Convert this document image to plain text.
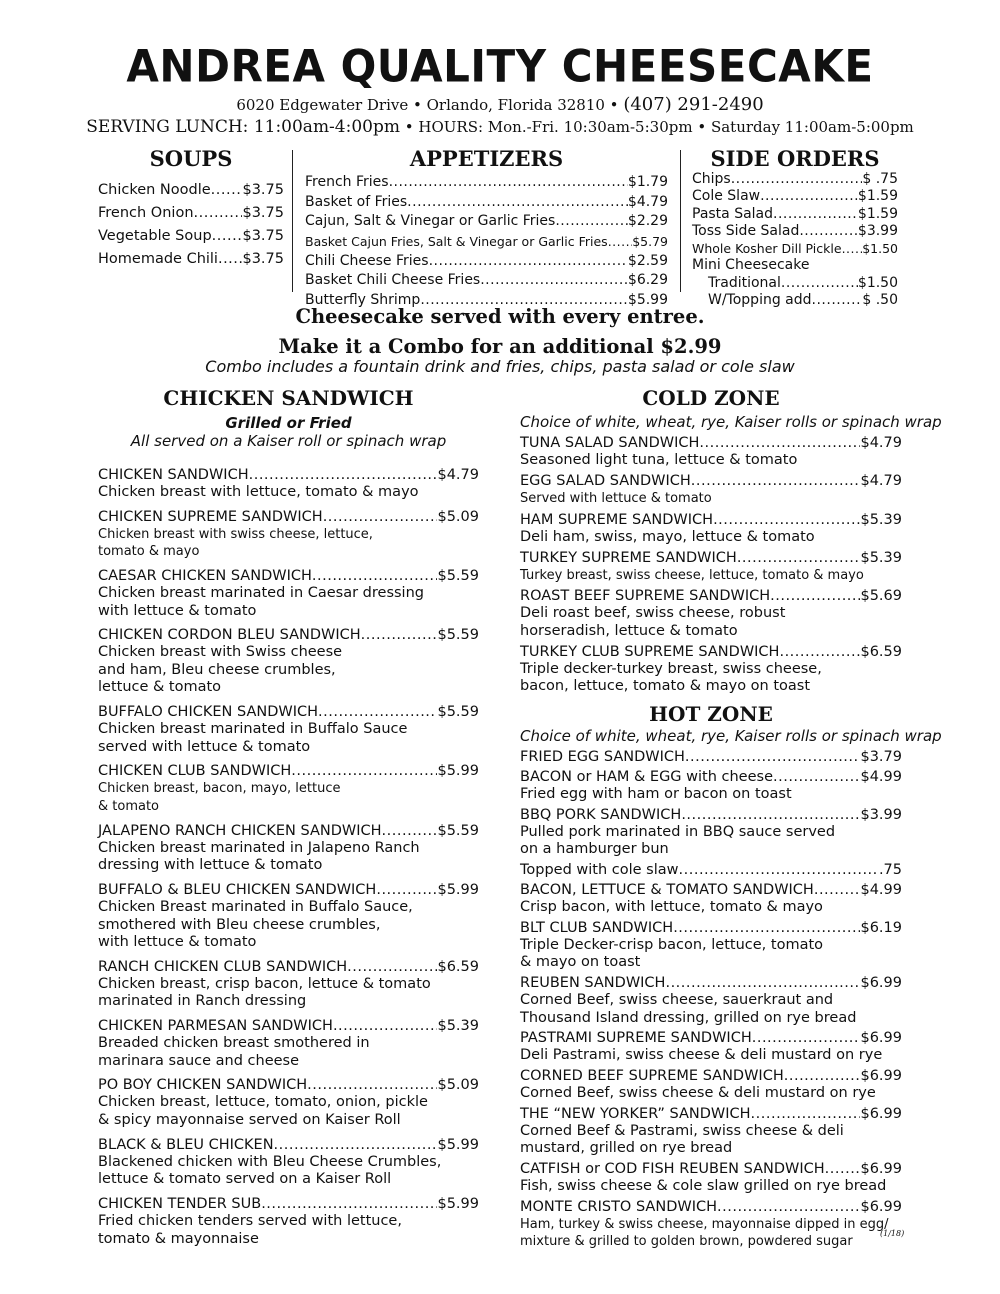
ANDREA QUALITY CHEESECAKE
6020 Edgewater Drive • Orlando, Florida 32810 • (407) 291-2490
SERVING LUNCH: 11:00am-4:00pm • HOURS: Mon.-Fri. 10:30am-5:30pm • Saturday 11:00am-5:00pm
SOUPS
Chicken Noodle ..... $3.75
French Onion .....	$3.75
Vegetable Soup ..... $3.75
Homemade Chili ..... $3.75
APPETIZERS
French Fries .....	$1.79
Basket of Fries .....	$4.79
Cajun, Salt & Vinegar or Garlic Fries .....	$2.29
Basket Cajun Fries, Salt & Vinegar or Garlic Fries ..... $5.79
Chili Cheese Fries .....	$2.59
Basket Chili Cheese Fries .....	$6.29
Butterfly Shrimp .....	$5.99
SIDE ORDERS
Chips .....	$ .75
Cole Slaw .....	$1.59
Pasta Salad .....	$1.59
Toss Side Salad .....	$3.99
Whole Kosher Dill Pickle ..... $1.50
Mini Cheesecake
Traditional .....	$1.50
W/Topping add .....	$ .50
Cheesecake served with every entree.
Make it a Combo for an additional $2.99
Combo includes a fountain drink and fries, chips, pasta salad or cole slaw
CHICKEN SANDWICH
Grilled or Fried
All served on a Kaiser roll or spinach wrap
CHICKEN SANDWICH .....	$4.79
Chicken breast with lettuce, tomato & mayo
CHICKEN SUPREME SANDWICH .....	$5.09
Chicken breast with swiss cheese, lettuce,
tomato & mayo
CAESAR CHICKEN SANDWICH .....	$5.59
Chicken breast marinated in Caesar dressing
with lettuce & tomato
CHICKEN CORDON BLEU SANDWICH .....	$5.59
Chicken breast with Swiss cheese
and ham, Bleu cheese crumbles,
lettuce & tomato
BUFFALO CHICKEN SANDWICH .....	$5.59
Chicken breast marinated in Buffalo Sauce
served with lettuce & tomato
CHICKEN CLUB SANDWICH .....	$5.99
Chicken breast, bacon, mayo, lettuce
& tomato
JALAPENO RANCH CHICKEN SANDWICH .....	$5.59
Chicken breast marinated in Jalapeno Ranch
dressing with lettuce & tomato
BUFFALO & BLEU CHICKEN SANDWICH .....	$5.99
Chicken Breast marinated in Buffalo Sauce,
smothered with Bleu cheese crumbles,
with lettuce & tomato
RANCH CHICKEN CLUB SANDWICH .....	$6.59
Chicken breast, crisp bacon, lettuce & tomato
marinated in Ranch dressing
CHICKEN PARMESAN SANDWICH .....	$5.39
Breaded chicken breast smothered in
marinara sauce and cheese
PO BOY CHICKEN SANDWICH .....	$5.09
Chicken breast, lettuce, tomato, onion, pickle
& spicy mayonnaise served on Kaiser Roll
BLACK & BLEU CHICKEN .....	$5.99
Blackened chicken with Bleu Cheese Crumbles,
lettuce & tomato served on a Kaiser Roll
CHICKEN TENDER SUB .....	$5.99
Fried chicken tenders served with lettuce,
tomato & mayonnaise
COLD ZONE
Choice of white, wheat, rye, Kaiser rolls or spinach wrap
TUNA SALAD SANDWICH .....	$4.79
Seasoned light tuna, lettuce & tomato
EGG SALAD SANDWICH .....	$4.79
Served with lettuce & tomato
HAM SUPREME SANDWICH .....	$5.39
Deli ham, swiss, mayo, lettuce & tomato
TURKEY SUPREME SANDWICH .....	$5.39
Turkey breast, swiss cheese, lettuce, tomato & mayo
ROAST BEEF SUPREME SANDWICH .....	$5.69
Deli roast beef, swiss cheese, robust
horseradish, lettuce & tomato
TURKEY CLUB SUPREME SANDWICH .....	$6.59
Triple decker-turkey breast, swiss cheese,
bacon, lettuce, tomato & mayo on toast
HOT ZONE
Choice of white, wheat, rye, Kaiser rolls or spinach wrap
FRIED EGG SANDWICH .....	$3.79
BACON or HAM & EGG with cheese .....	$4.99
Fried egg with ham or bacon on toast
BBQ PORK SANDWICH .....	$3.99
Pulled pork marinated in BBQ sauce served
on a hamburger bun
Topped with cole slaw .....	.75
BACON, LETTUCE & TOMATO SANDWICH .....	$4.99
Crisp bacon, with lettuce, tomato & mayo
BLT CLUB SANDWICH .....	$6.19
Triple Decker-crisp bacon, lettuce, tomato
& mayo on toast
REUBEN SANDWICH .....	$6.99
Corned Beef, swiss cheese, sauerkraut and
Thousand Island dressing, grilled on rye bread
PASTRAMI SUPREME SANDWICH .....	$6.99
Deli Pastrami, swiss cheese & deli mustard on rye
CORNED BEEF SUPREME SANDWICH .....	$6.99
Corned Beef, swiss cheese & deli mustard on rye
THE “NEW YORKER” SANDWICH .....	$6.99
Corned Beef & Pastrami, swiss cheese & deli
mustard, grilled on rye bread
CATFISH or COD FISH REUBEN SANDWICH ..... $6.99
Fish, swiss cheese & cole slaw grilled on rye bread
MONTE CRISTO SANDWICH .....	$6.99
Ham, turkey & swiss cheese, mayonnaise dipped in egg/
mixture & grilled to golden brown, powdered sugar
(1/18)
